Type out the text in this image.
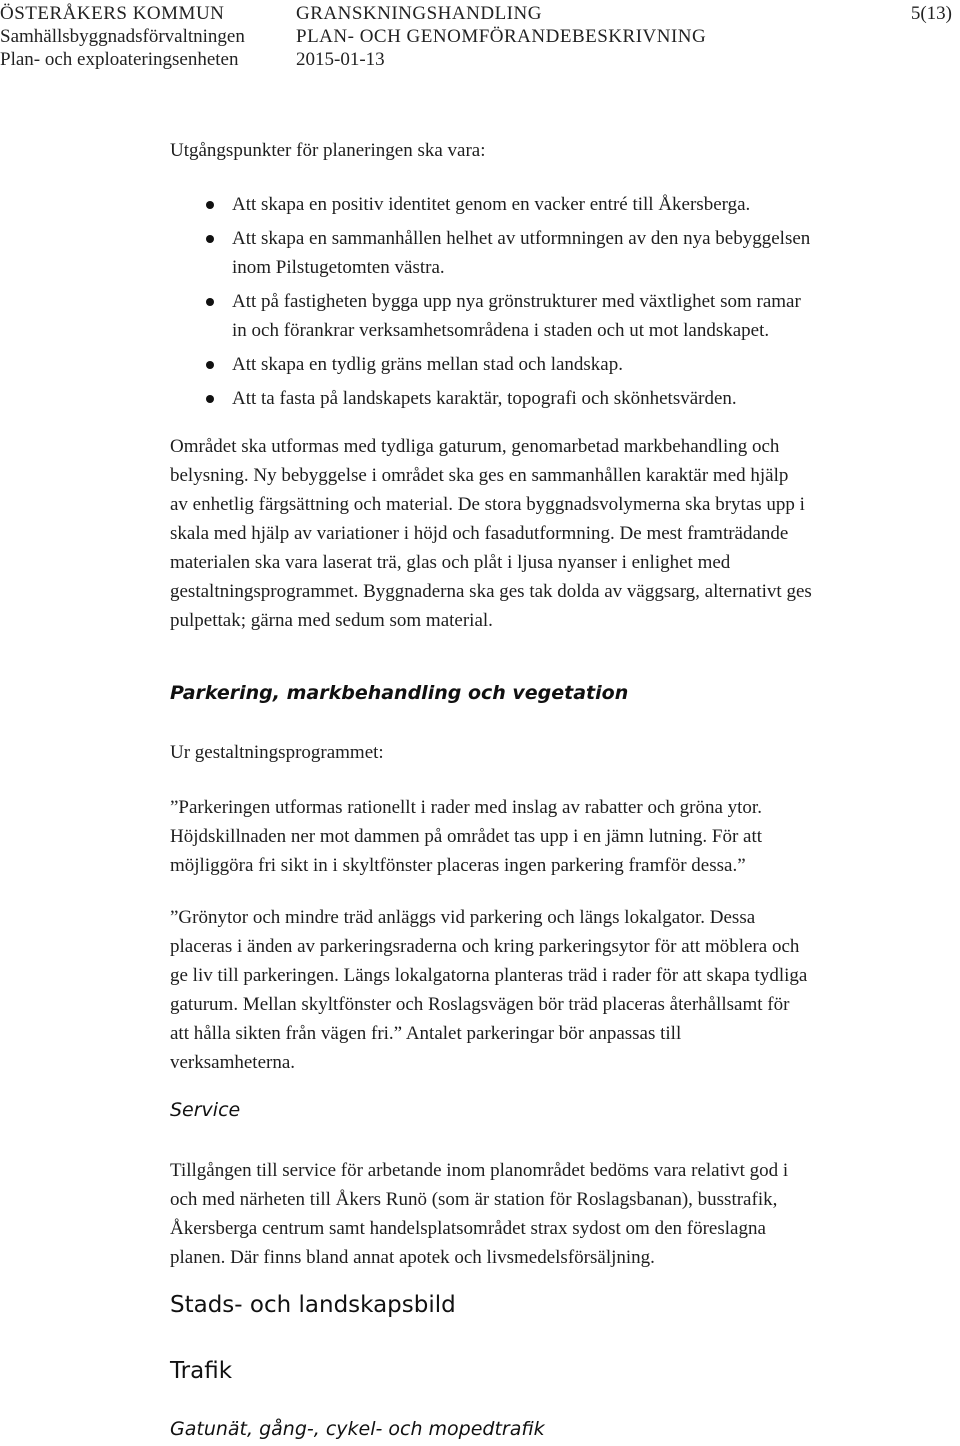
ÖSTERÅKERS KOMMUN
Samhällsbyggnadsförvaltningen
Plan- och exploateringsenheten
GRANSKNINGSHANDLING
PLAN- OCH GENOMFÖRANDEBESKRIVNING
2015-01-13
5(13)
Utgångspunkter för planeringen ska vara:
Att skapa en positiv identitet genom en vacker entré till Åkersberga.
Att skapa en sammanhållen helhet av utformningen av den nya bebyggelsen
inom Pilstugetomten västra.
Att på fastigheten bygga upp nya grönstrukturer med växtlighet som ramar
in och förankrar verksamhetsområdena i staden och ut mot landskapet.
Att skapa en tydlig gräns mellan stad och landskap.
Att ta fasta på landskapets karaktär, topografi och skönhetsvärden.
Området ska utformas med tydliga gaturum, genomarbetad markbehandling och
belysning. Ny bebyggelse i området ska ges en sammanhållen karaktär med hjälp
av enhetlig färgsättning och material. De stora byggnadsvolymerna ska brytas upp i
skala med hjälp av variationer i höjd och fasadutformning. De mest framträdande
materialen ska vara laserat trä, glas och plåt i ljusa nyanser i enlighet med
gestaltningsprogrammet. Byggnaderna ska ges tak dolda av väggsarg, alternativt ges
pulpettak; gärna med sedum som material.
Parkering, markbehandling och vegetation
Ur gestaltningsprogrammet:
”Parkeringen utformas rationellt i rader med inslag av rabatter och gröna ytor.
Höjdskillnaden ner mot dammen på området tas upp i en jämn lutning. För att
möjliggöra fri sikt in i skyltfönster placeras ingen parkering framför dessa.”
”Grönytor och mindre träd anläggs vid parkering och längs lokalgator. Dessa
placeras i änden av parkeringsraderna och kring parkeringsytor för att möblera och
ge liv till parkeringen. Längs lokalgatorna planteras träd i rader för att skapa tydliga
gaturum. Mellan skyltfönster och Roslagsvägen bör träd placeras återhållsamt för
att hålla sikten från vägen fri.” Antalet parkeringar bör anpassas till
verksamheterna.
Service
Tillgången till service för arbetande inom planområdet bedöms vara relativt god i
och med närheten till Åkers Runö (som är station för Roslagsbanan), busstrafik,
Åkersberga centrum samt handelsplatsområdet strax sydost om den föreslagna
planen. Där finns bland annat apotek och livsmedelsförsäljning.
Stads- och landskapsbild
Trafik
Gatunät, gång-, cykel- och mopedtrafik
